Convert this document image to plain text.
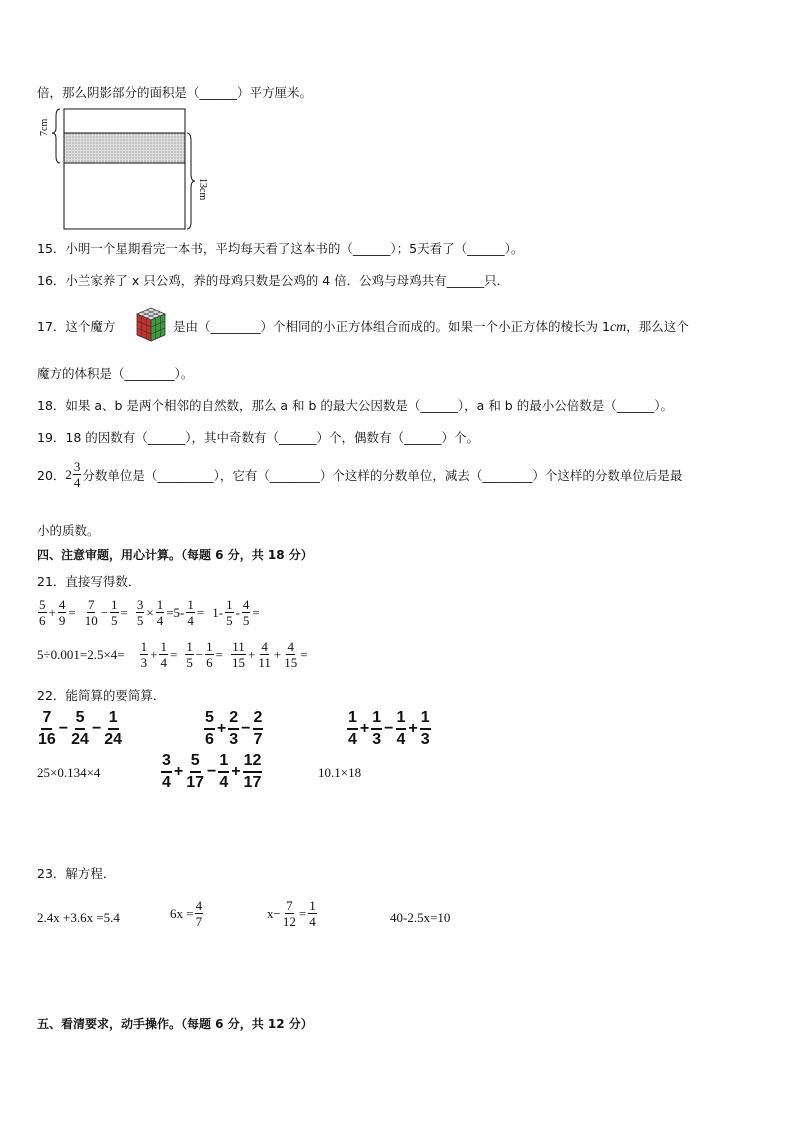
倍，那么阴影部分的面积是（______）平方厘米。
7cm
13cm
15．小明一个星期看完一本书，平均每天看了这本书的（______）；5天看了（______）。
16．小兰家养了 x 只公鸡，养的母鸡只数是公鸡的 4 倍．公鸡与母鸡共有______只．
17．这个魔方	是由（________）个相同的小正方体组合而成的。如果一个小正方体的棱长为 1cm，那么这个
魔方的体积是（________）。
18．如果 a、b 是两个相邻的自然数，那么 a 和 b 的最大公因数是（______），a 和 b 的最小公倍数是（______）。
19．18 的因数有（______），其中奇数有（______）个，偶数有（______）个。
20． $2 \frac{3}{4}$ 分数单位是（_________），它有（________）个这样的分数单位，减去（________）个这样的分数单位后是最
小的质数。
四、注意审题，用心计算。（每题 6 分，共 18 分）
21．直接写得数．
$\frac{5}{6} + \frac{4}{9} = \frac{7}{10} - \frac{1}{5} = \frac{3}{5} \times \frac{1}{4} =5- \frac{1}{4} = 1- \frac{1}{5} - \frac{4}{5}$ =
$5\div 0.001=2.5\times 4= \frac{1}{3} + \frac{1}{4} = \frac{1}{5} - \frac{1}{6} = \frac{11}{15} + \frac{4}{11} + \frac{4}{15}$ =
22．能简算的要简算．
$\frac{7}{16} - \frac{5}{24} - \frac{1}{24}$	$\frac{5}{6} + \frac{2}{3} - \frac{2}{7}$	$\frac{1}{4} + \frac{1}{3} - \frac{1}{4} + \frac{1}{3}$
25×0.134×4	$\frac{3}{4} + \frac{5}{17} - \frac{1}{4} + \frac{12}{17}$	10.1×18
23．解方程．
2.4x +3.6x =5.4	$6x = \frac{4}{7}$	$x- \frac{7}{12} = \frac{1}{4}$	40-2.5x=10
五、看清要求，动手操作。（每题 6 分，共 12 分）
